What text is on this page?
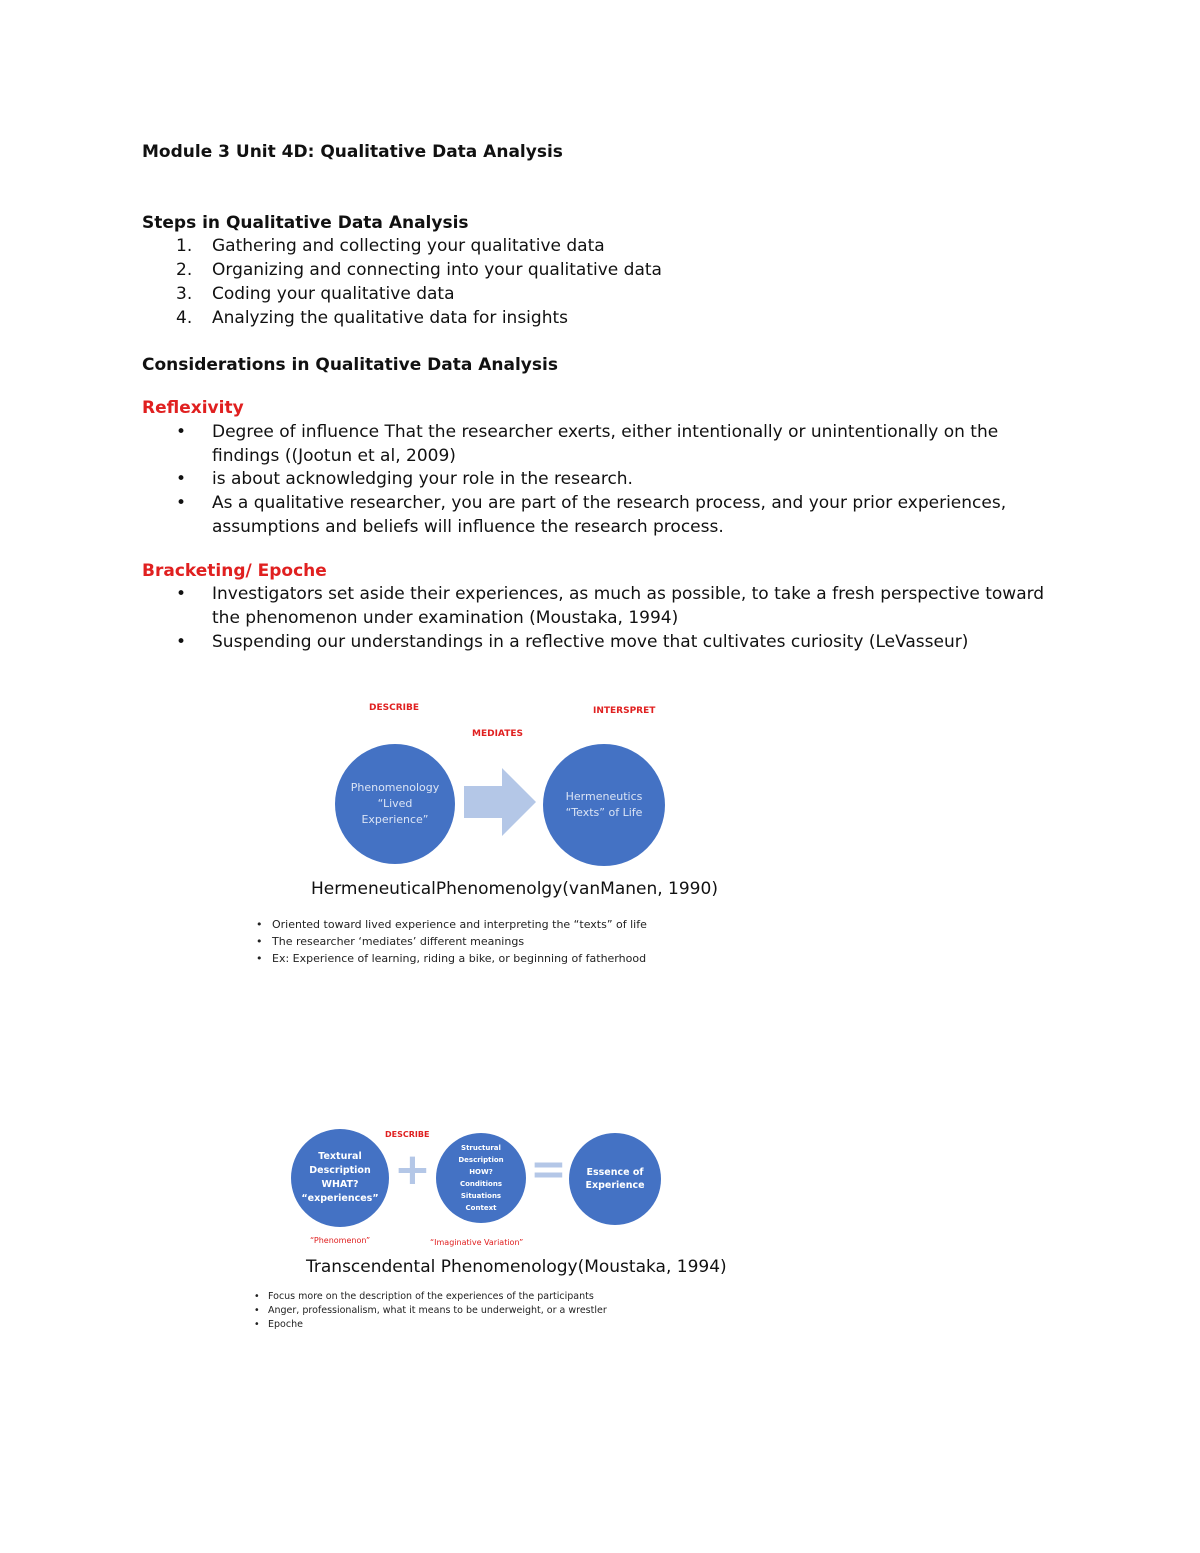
Module 3 Unit 4D: Qualitative Data Analysis
Steps in Qualitative Data Analysis
1. Gathering and collecting your qualitative data
2. Organizing and connecting into your qualitative data
3. Coding your qualitative data
4. Analyzing the qualitative data for insights
Considerations in Qualitative Data Analysis
Reflexivity
• Degree of influence That the researcher exerts, either intentionally or unintentionally on the
findings ((Jootun et al, 2009)
• is about acknowledging your role in the research.
• As a qualitative researcher, you are part of the research process, and your prior experiences,
assumptions and beliefs will influence the research process.
Bracketing/ Epoche
• Investigators set aside their experiences, as much as possible, to take a fresh perspective toward
the phenomenon under examination (Moustaka, 1994)
• Suspending our understandings in a reflective move that cultivates curiosity (LeVasseur)
DESCRIBE
MEDIATES
INTERSPRET
Phenomenology
“Lived
Experience”
Hermeneutics
“Texts” of Life
HermeneuticalPhenomenolgy(vanManen, 1990)
• Oriented toward lived experience and interpreting the “texts” of life
• The researcher ‘mediates’ different meanings
• Ex: Experience of learning, riding a bike, or beginning of fatherhood
DESCRIBE
Textural
Description
WHAT?
“experiences”
+	Structural
Description
HOW?
Conditions
Situations
Context
= Essence of
Experience
“Phenomenon”	“Imaginative Variation”
Transcendental Phenomenology(Moustaka, 1994)
• Focus more on the description of the experiences of the participants
• Anger, professionalism, what it means to be underweight, or a wrestler
• Epoche
